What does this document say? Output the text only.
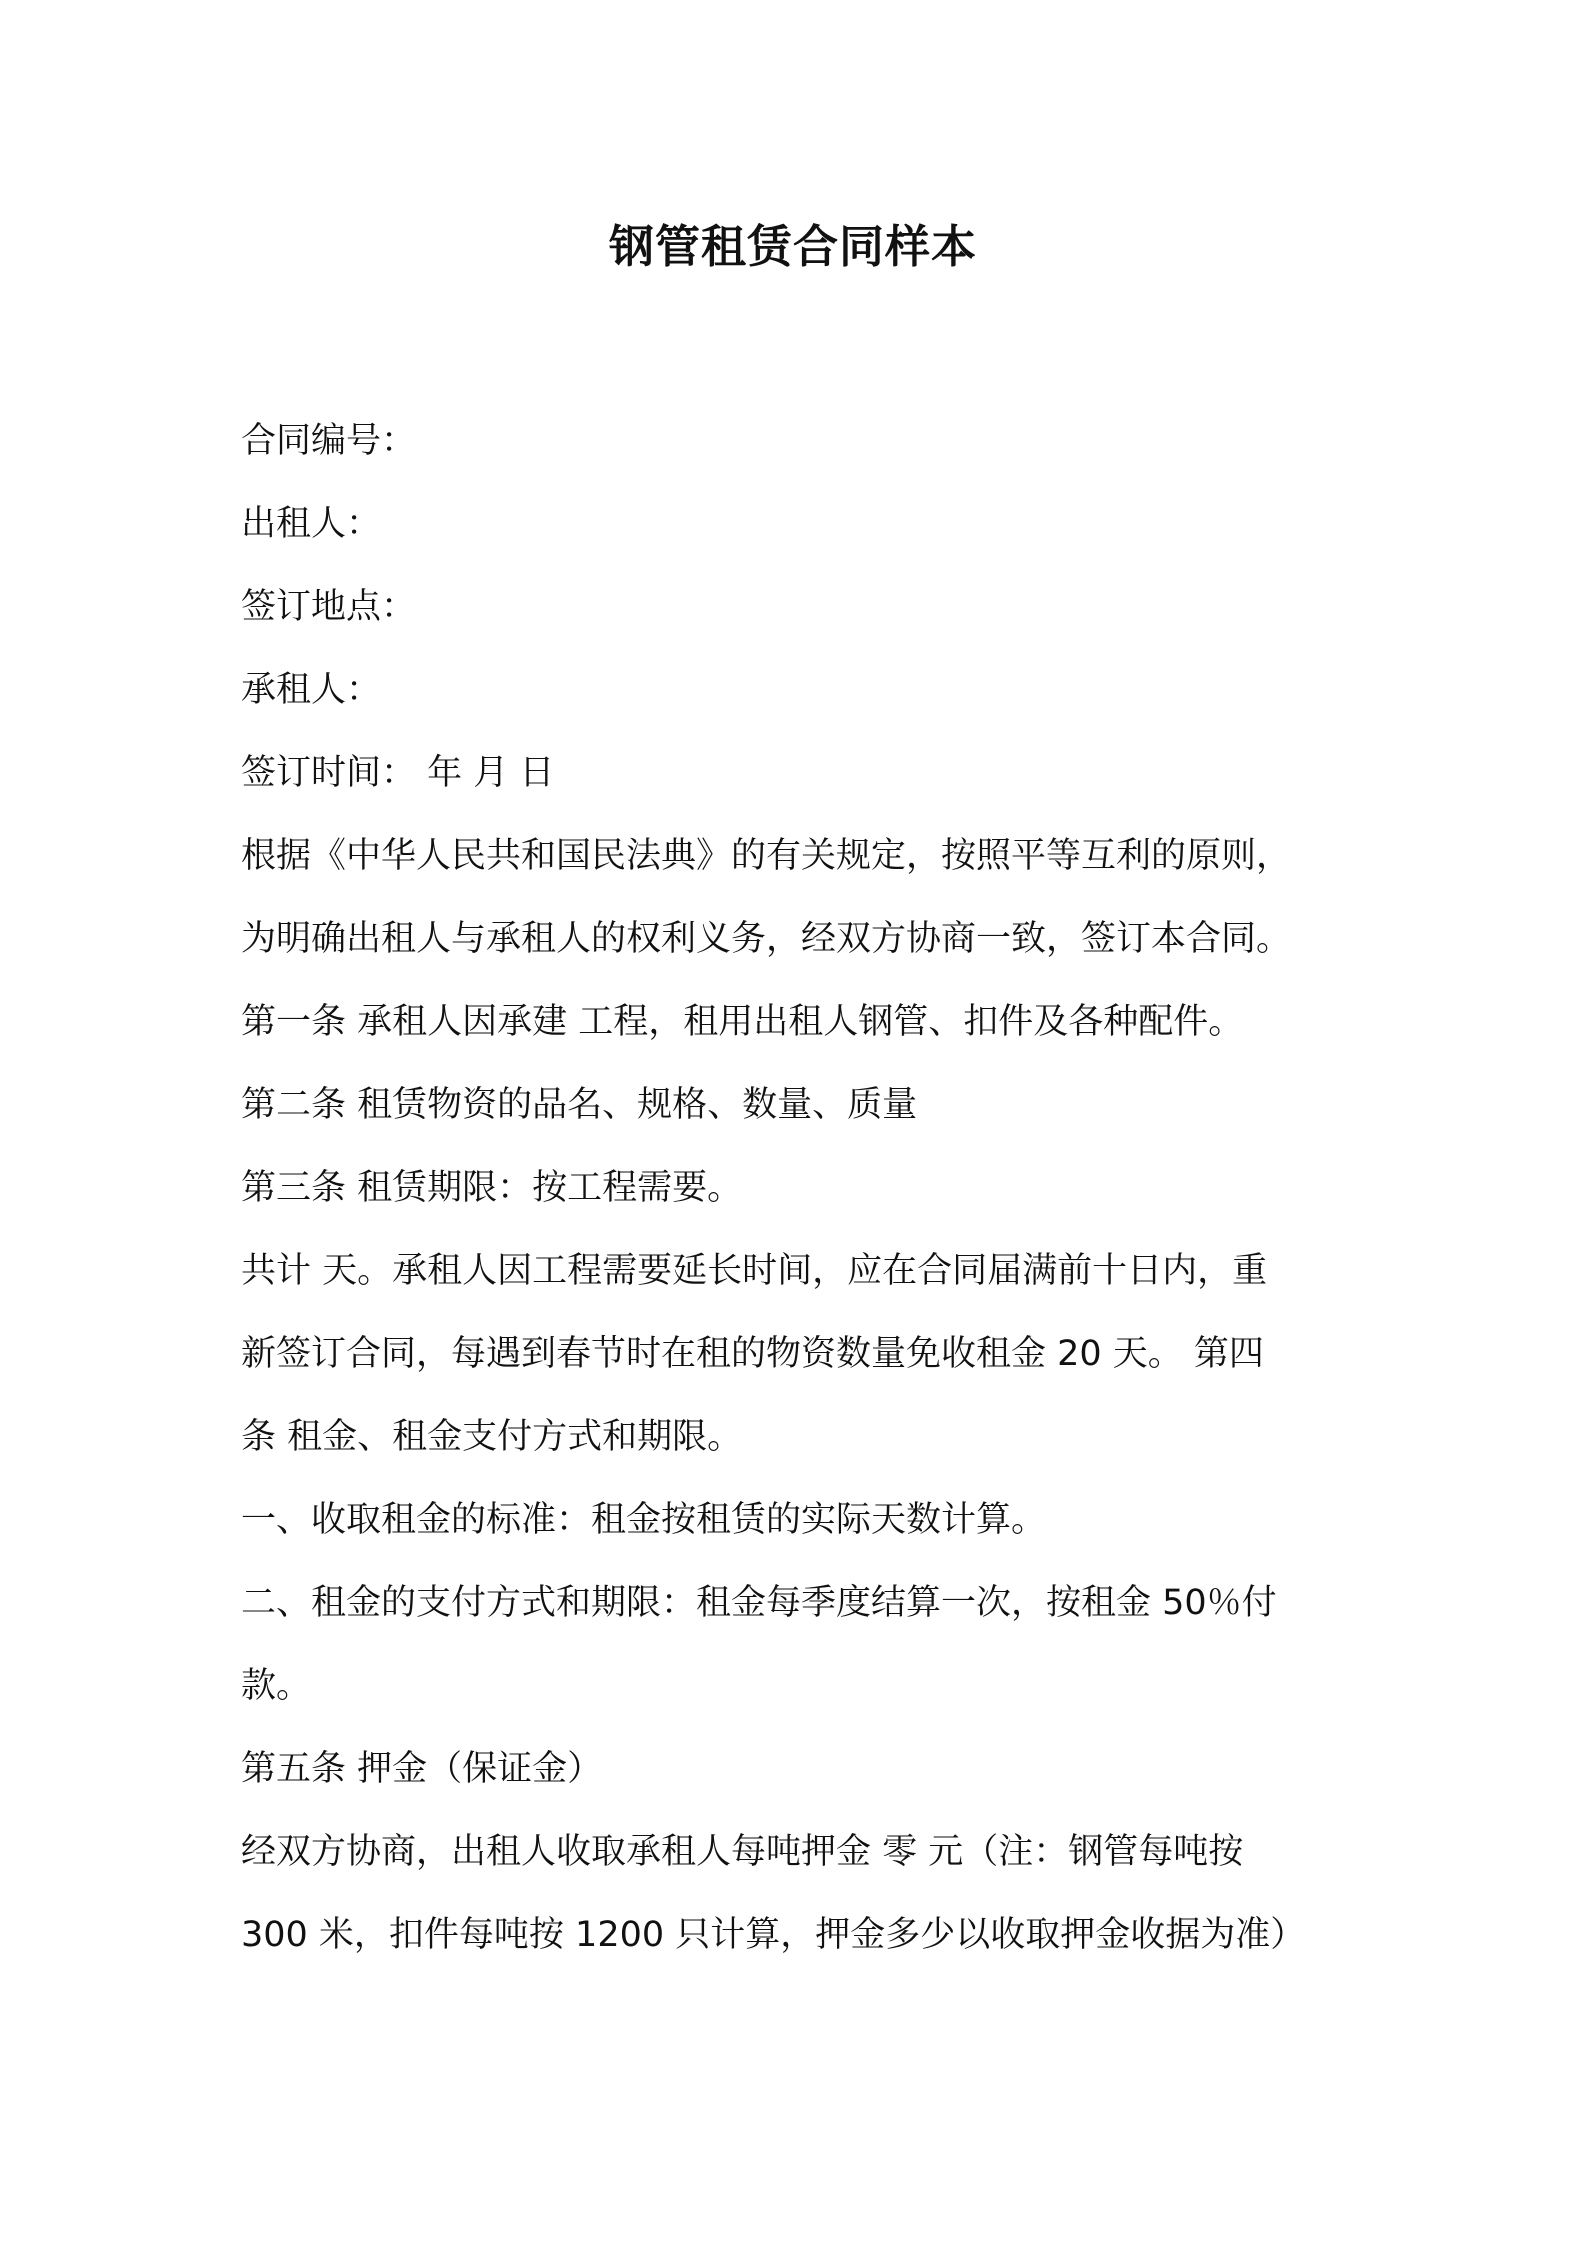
钢管租赁合同样本
合同编号：
出租人：
签订地点：
承租人：
签订时间： 年 月 日
根据《中华人民共和国民法典》的有关规定，按照平等互利的原则，
为明确出租人与承租人的权利义务，经双方协商一致，签订本合同。
第一条 承租人因承建 工程，租用出租人钢管、扣件及各种配件。
第二条 租赁物资的品名、规格、数量、质量
第三条 租赁期限：按工程需要。
共计 天。承租人因工程需要延长时间，应在合同届满前十日内，重
新签订合同，每遇到春节时在租的物资数量免收租金 20 天。 第四
条 租金、租金支付方式和期限。
一、收取租金的标准：租金按租赁的实际天数计算。
二、租金的支付方式和期限：租金每季度结算一次，按租金 50％付
款。
第五条 押金（保证金）
经双方协商，出租人收取承租人每吨押金 零 元（注：钢管每吨按
300 米，扣件每吨按 1200 只计算，押金多少以收取押金收据为准）
